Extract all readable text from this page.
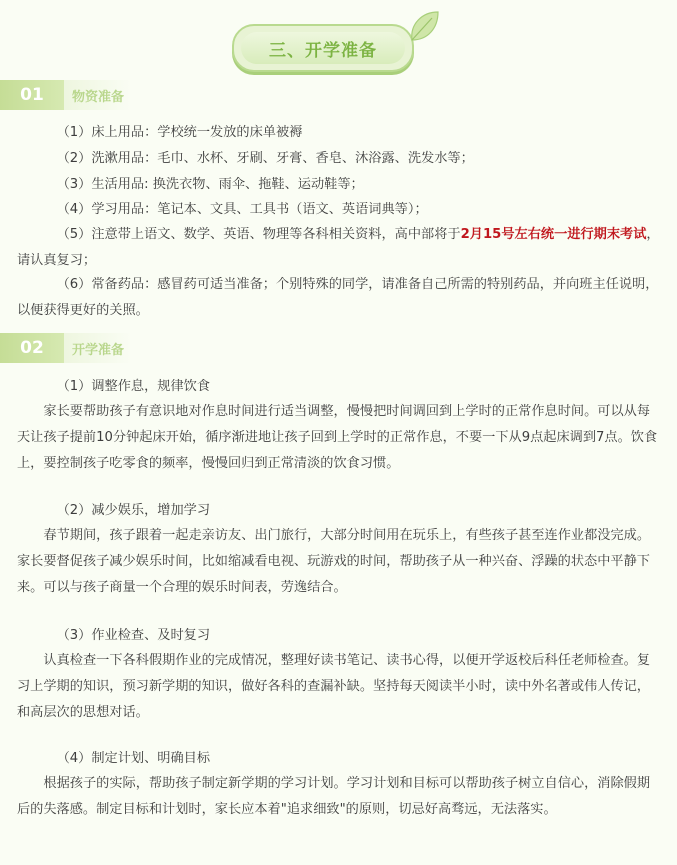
三、开学准备
01	物资准备

（1）床上用品：学校统一发放的床单被褥

（2）洗漱用品：毛巾、水杯、牙刷、牙膏、香皂、沐浴露、洗发水等；

（3）生活用品: 换洗衣物、雨伞、拖鞋、运动鞋等；

（4）学习用品：笔记本、文具、工具书（语文、英语词典等）；

（5）注意带上语文、数学、英语、物理等各科相关资料，高中部将于2月15号左右统一进行期末考试，请认真复习；

（6）常备药品：感冒药可适当准备；个别特殊的同学，请准备自己所需的特别药品，并向班主任说明，以便获得更好的关照。

02	开学准备

（1）调整作息，规律饮食

家长要帮助孩子有意识地对作息时间进行适当调整，慢慢把时间调回到上学时的正常作息时间。可以从每天让孩子提前10分钟起床开始，循序渐进地让孩子回到上学时的正常作息，不要一下从9点起床调到7点。饮食上，要控制孩子吃零食的频率，慢慢回归到正常清淡的饮食习惯。

（2）减少娱乐，增加学习

春节期间，孩子跟着一起走亲访友、出门旅行，大部分时间用在玩乐上，有些孩子甚至连作业都没完成。家长要督促孩子减少娱乐时间，比如缩减看电视、玩游戏的时间，帮助孩子从一种兴奋、浮躁的状态中平静下来。可以与孩子商量一个合理的娱乐时间表，劳逸结合。

（3）作业检查、及时复习

认真检查一下各科假期作业的完成情况，整理好读书笔记、读书心得，以便开学返校后科任老师检查。复习上学期的知识，预习新学期的知识，做好各科的查漏补缺。坚持每天阅读半小时，读中外名著或伟人传记，和高层次的思想对话。

（4）制定计划、明确目标

根据孩子的实际，帮助孩子制定新学期的学习计划。学习计划和目标可以帮助孩子树立自信心，消除假期后的失落感。制定目标和计划时，家长应本着"追求细致"的原则，切忌好高骛远，无法落实。
